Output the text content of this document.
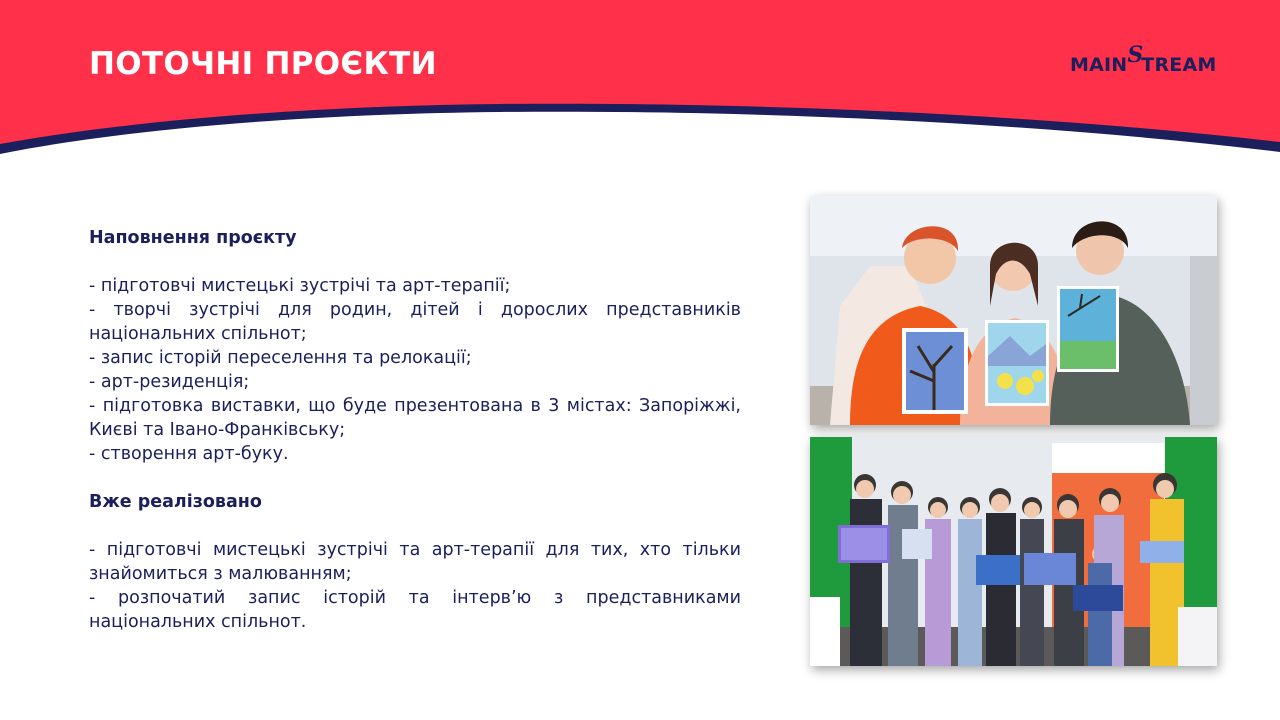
ПОТОЧНІ ПРОЄКТИ	MAIN S
TREAM

Наповнення проєкту

- підготовчі мистецькі зустрічі та арт-терапії;
- творчі зустрічі для родин, дітей і дорослих представників національних спільнот;
- запис історій переселення та релокації;
- арт-резиденція;
- підготовка виставки, що буде презентована в 3 містах: Запоріжжі, Києві та Івано-Франківську;
- створення арт-буку.

Вже реалізовано

- підготовчі мистецькі зустрічі та арт-терапії для тих, хто тільки знайомиться з малюванням;
- розпочатий запис історій та інтерв’ю з представниками національних спільнот.
